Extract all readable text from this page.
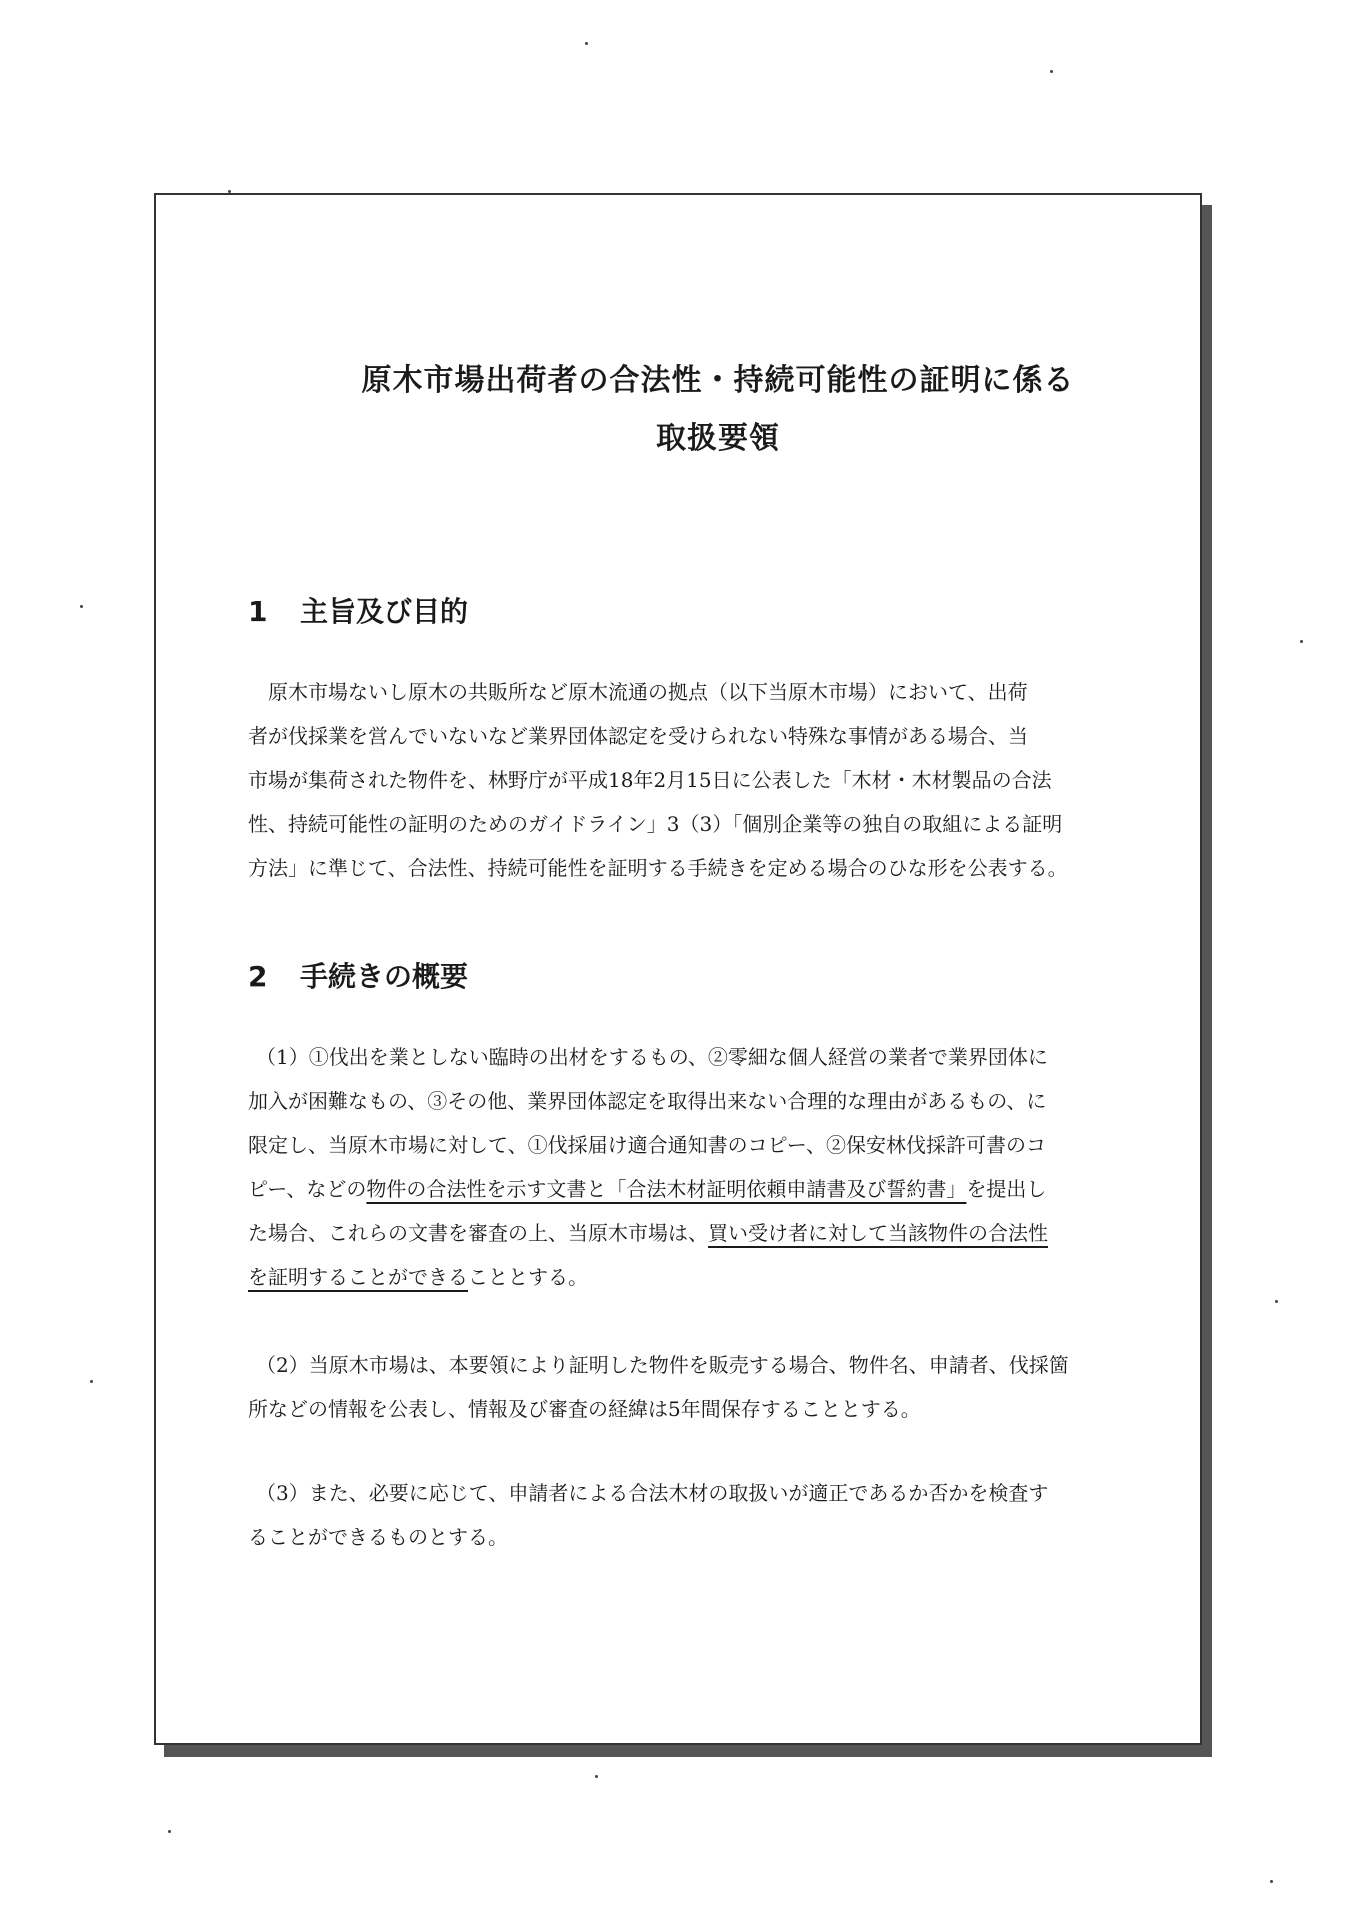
原木市場出荷者の合法性・持続可能性の証明に係る
取扱要領
1 主旨及び目的
原木市場ないし原木の共販所など原木流通の拠点（以下当原木市場）において、出荷
者が伐採業を営んでいないなど業界団体認定を受けられない特殊な事情がある場合、当
市場が集荷された物件を、林野庁が平成18年2月15日に公表した「木材・木材製品の合法
性、持続可能性の証明のためのガイドライン」3（3）「個別企業等の独自の取組による証明
方法」に準じて、合法性、持続可能性を証明する手続きを定める場合のひな形を公表する。
2 手続きの概要
（1）①伐出を業としない臨時の出材をするもの、②零細な個人経営の業者で業界団体に
加入が困難なもの、③その他、業界団体認定を取得出来ない合理的な理由があるもの、に
限定し、当原木市場に対して、①伐採届け適合通知書のコピー、②保安林伐採許可書のコ
ピー、などの物件の合法性を示す文書と「合法木材証明依頼申請書及び誓約書」を提出し
た場合、これらの文書を審査の上、当原木市場は、買い受け者に対して当該物件の合法性
を証明することができることとする。
（2）当原木市場は、本要領により証明した物件を販売する場合、物件名、申請者、伐採箇
所などの情報を公表し、情報及び審査の経緯は5年間保存することとする。
（3）また、必要に応じて、申請者による合法木材の取扱いが適正であるか否かを検査す
ることができるものとする。
